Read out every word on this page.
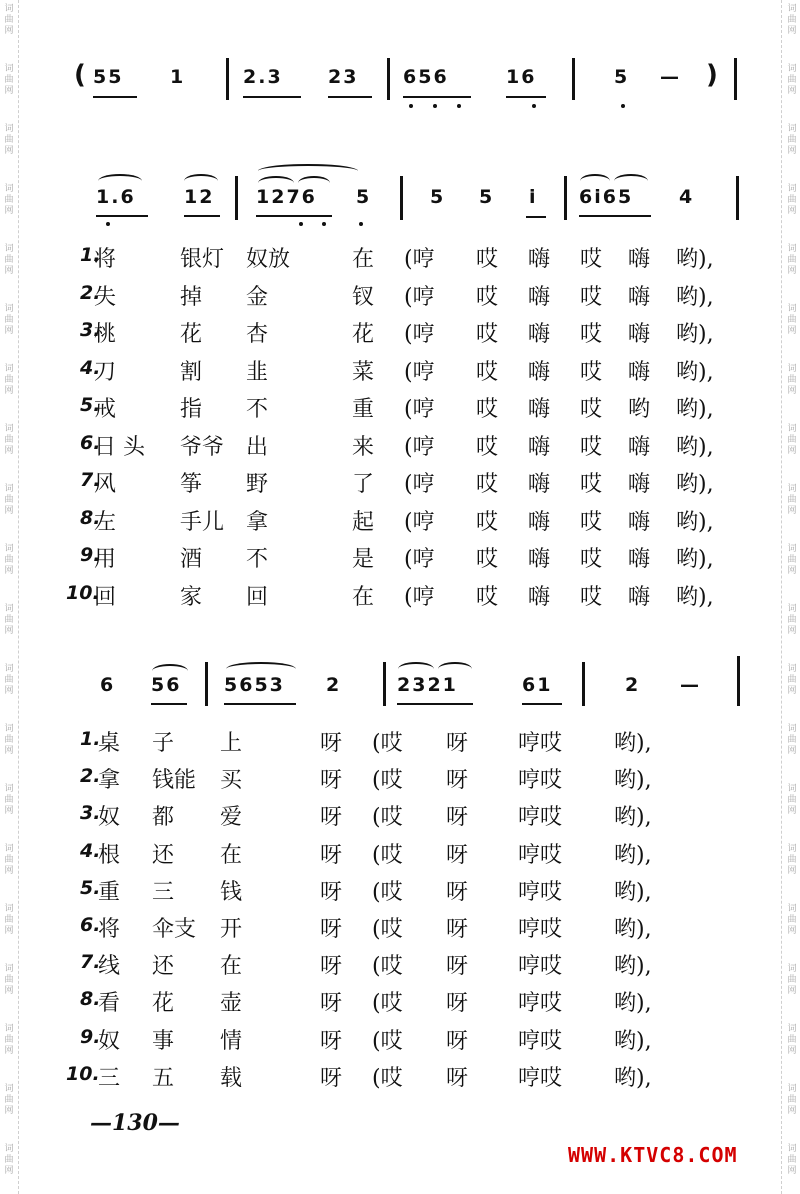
词曲网
词曲网
词曲网
词曲网
词曲网
词曲网
词曲网
词曲网
词曲网
词曲网
词曲网
词曲网
词曲网
词曲网
词曲网
词曲网
词曲网
词曲网
词曲网
词曲网
词曲网
词曲网
词曲网
词曲网
词曲网
词曲网
词曲网
词曲网
词曲网
词曲网
词曲网
词曲网
词曲网
词曲网
词曲网
词曲网
词曲网
词曲网
词曲网
词曲网
( 55 1	2.3 23 656	16	5 — )
1.6	12 1276 5	5 5 i 6i65 4
1.
将	银灯 奴放	在 (哼 哎 嗨 哎 嗨 哟),
2.
失	掉 金	钗 (哼 哎 嗨 哎 嗨 哟),
3.
桃	花 杏	花 (哼 哎 嗨 哎 嗨 哟),
4.
刀	割 韭	菜 (哼 哎 嗨 哎 嗨 哟),
5.
戒	指 不	重 (哼 哎 嗨 哎 哟 哟),
6.
日 头 爷爷 出	来 (哼 哎 嗨 哎 嗨 哟),
7.
风	筝 野	了 (哼 哎 嗨 哎 嗨 哟),
8.
左	手儿 拿	起 (哼 哎 嗨 哎 嗨 哟),
9.
用	酒 不	是 (哼 哎 嗨 哎 嗨 哟),
10.
回	家 回	在 (哼 哎 嗨 哎 嗨 哟),
6 56 5653 2	2321	61	2 —
1.
桌 子 上	呀 (哎 呀 哼哎 哟),
2.
拿 钱能 买	呀 (哎 呀 哼哎 哟),
3.
奴 都 爱	呀 (哎 呀 哼哎 哟),
4.
根 还 在	呀 (哎 呀 哼哎 哟),
5.
重 三 钱	呀 (哎 呀 哼哎 哟),
6.
将 伞支 开	呀 (哎 呀 哼哎 哟),
7.
线 还 在	呀 (哎 呀 哼哎 哟),
8.
看 花 壶	呀 (哎 呀 哼哎 哟),
9.
奴 事 情	呀 (哎 呀 哼哎 哟),
10.
三 五 载	呀 (哎 呀 哼哎 哟),
—130—
WWW.KTVC8.COM
